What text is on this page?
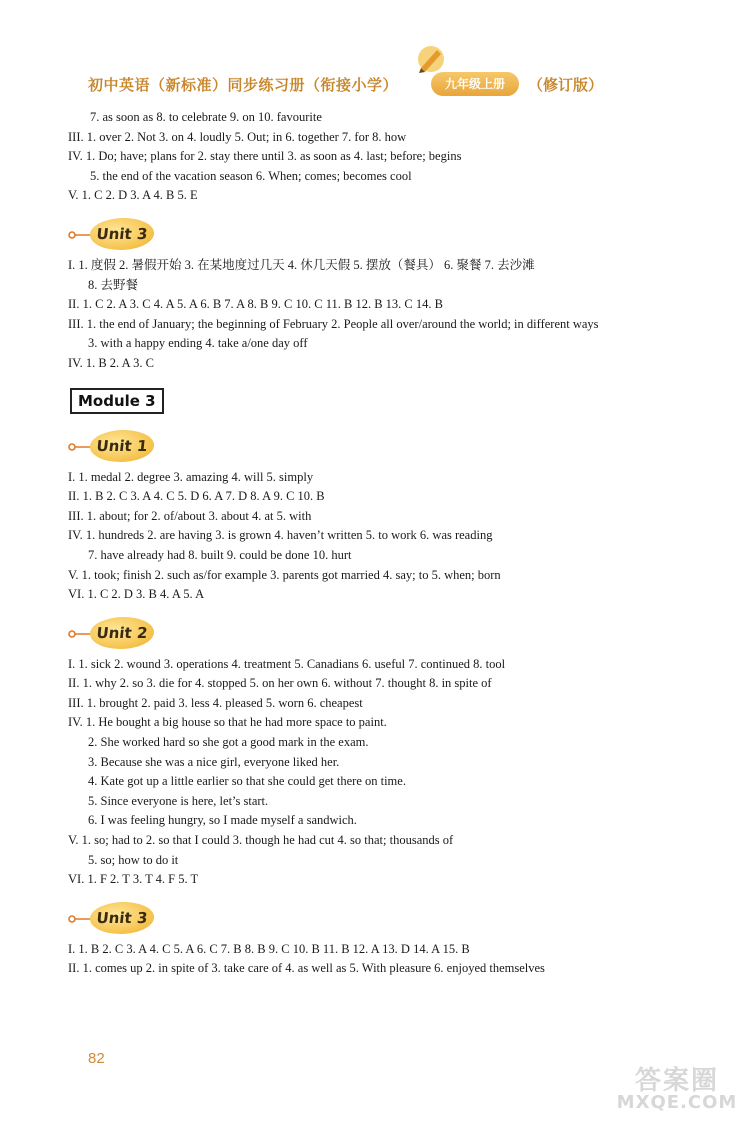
初中英语（新标准）同步练习册（衔接小学）	九年级上册	（修订版）
7. as soon as 8. to celebrate 9. on 10. favourite
III. 1. over 2. Not 3. on 4. loudly 5. Out; in 6. together 7. for 8. how
IV. 1. Do; have; plans for 2. stay there until 3. as soon as 4. last; before; begins
5. the end of the vacation season 6. When; comes; becomes cool
V. 1. C 2. D 3. A 4. B 5. E
Unit 3
I. 1. 度假 2. 暑假开始 3. 在某地度过几天 4. 休几天假 5. 摆放（餐具） 6. 聚餐 7. 去沙滩
8. 去野餐
II. 1. C 2. A 3. C 4. A 5. A 6. B 7. A 8. B 9. C 10. C 11. B 12. B 13. C 14. B
III. 1. the end of January; the beginning of February 2. People all over/around the world; in different ways
3. with a happy ending 4. take a/one day off
IV. 1. B 2. A 3. C
Module 3
Unit 1
I. 1. medal 2. degree 3. amazing 4. will 5. simply
II. 1. B 2. C 3. A 4. C 5. D 6. A 7. D 8. A 9. C 10. B
III. 1. about; for 2. of/about 3. about 4. at 5. with
IV. 1. hundreds 2. are having 3. is grown 4. haven’t written 5. to work 6. was reading
7. have already had 8. built 9. could be done 10. hurt
V. 1. took; finish 2. such as/for example 3. parents got married 4. say; to 5. when; born
VI. 1. C 2. D 3. B 4. A 5. A
Unit 2
I. 1. sick 2. wound 3. operations 4. treatment 5. Canadians 6. useful 7. continued 8. tool
II. 1. why 2. so 3. die for 4. stopped 5. on her own 6. without 7. thought 8. in spite of
III. 1. brought 2. paid 3. less 4. pleased 5. worn 6. cheapest
IV. 1. He bought a big house so that he had more space to paint.
2. She worked hard so she got a good mark in the exam.
3. Because she was a nice girl, everyone liked her.
4. Kate got up a little earlier so that she could get there on time.
5. Since everyone is here, let’s start.
6. I was feeling hungry, so I made myself a sandwich.
V. 1. so; had to 2. so that I could 3. though he had cut 4. so that; thousands of
5. so; how to do it
VI. 1. F 2. T 3. T 4. F 5. T
Unit 3
I. 1. B 2. C 3. A 4. C 5. A 6. C 7. B 8. B 9. C 10. B 11. B 12. A 13. D 14. A 15. B
II. 1. comes up 2. in spite of 3. take care of 4. as well as 5. With pleasure 6. enjoyed themselves
82
答案圈
MXQE.COM
